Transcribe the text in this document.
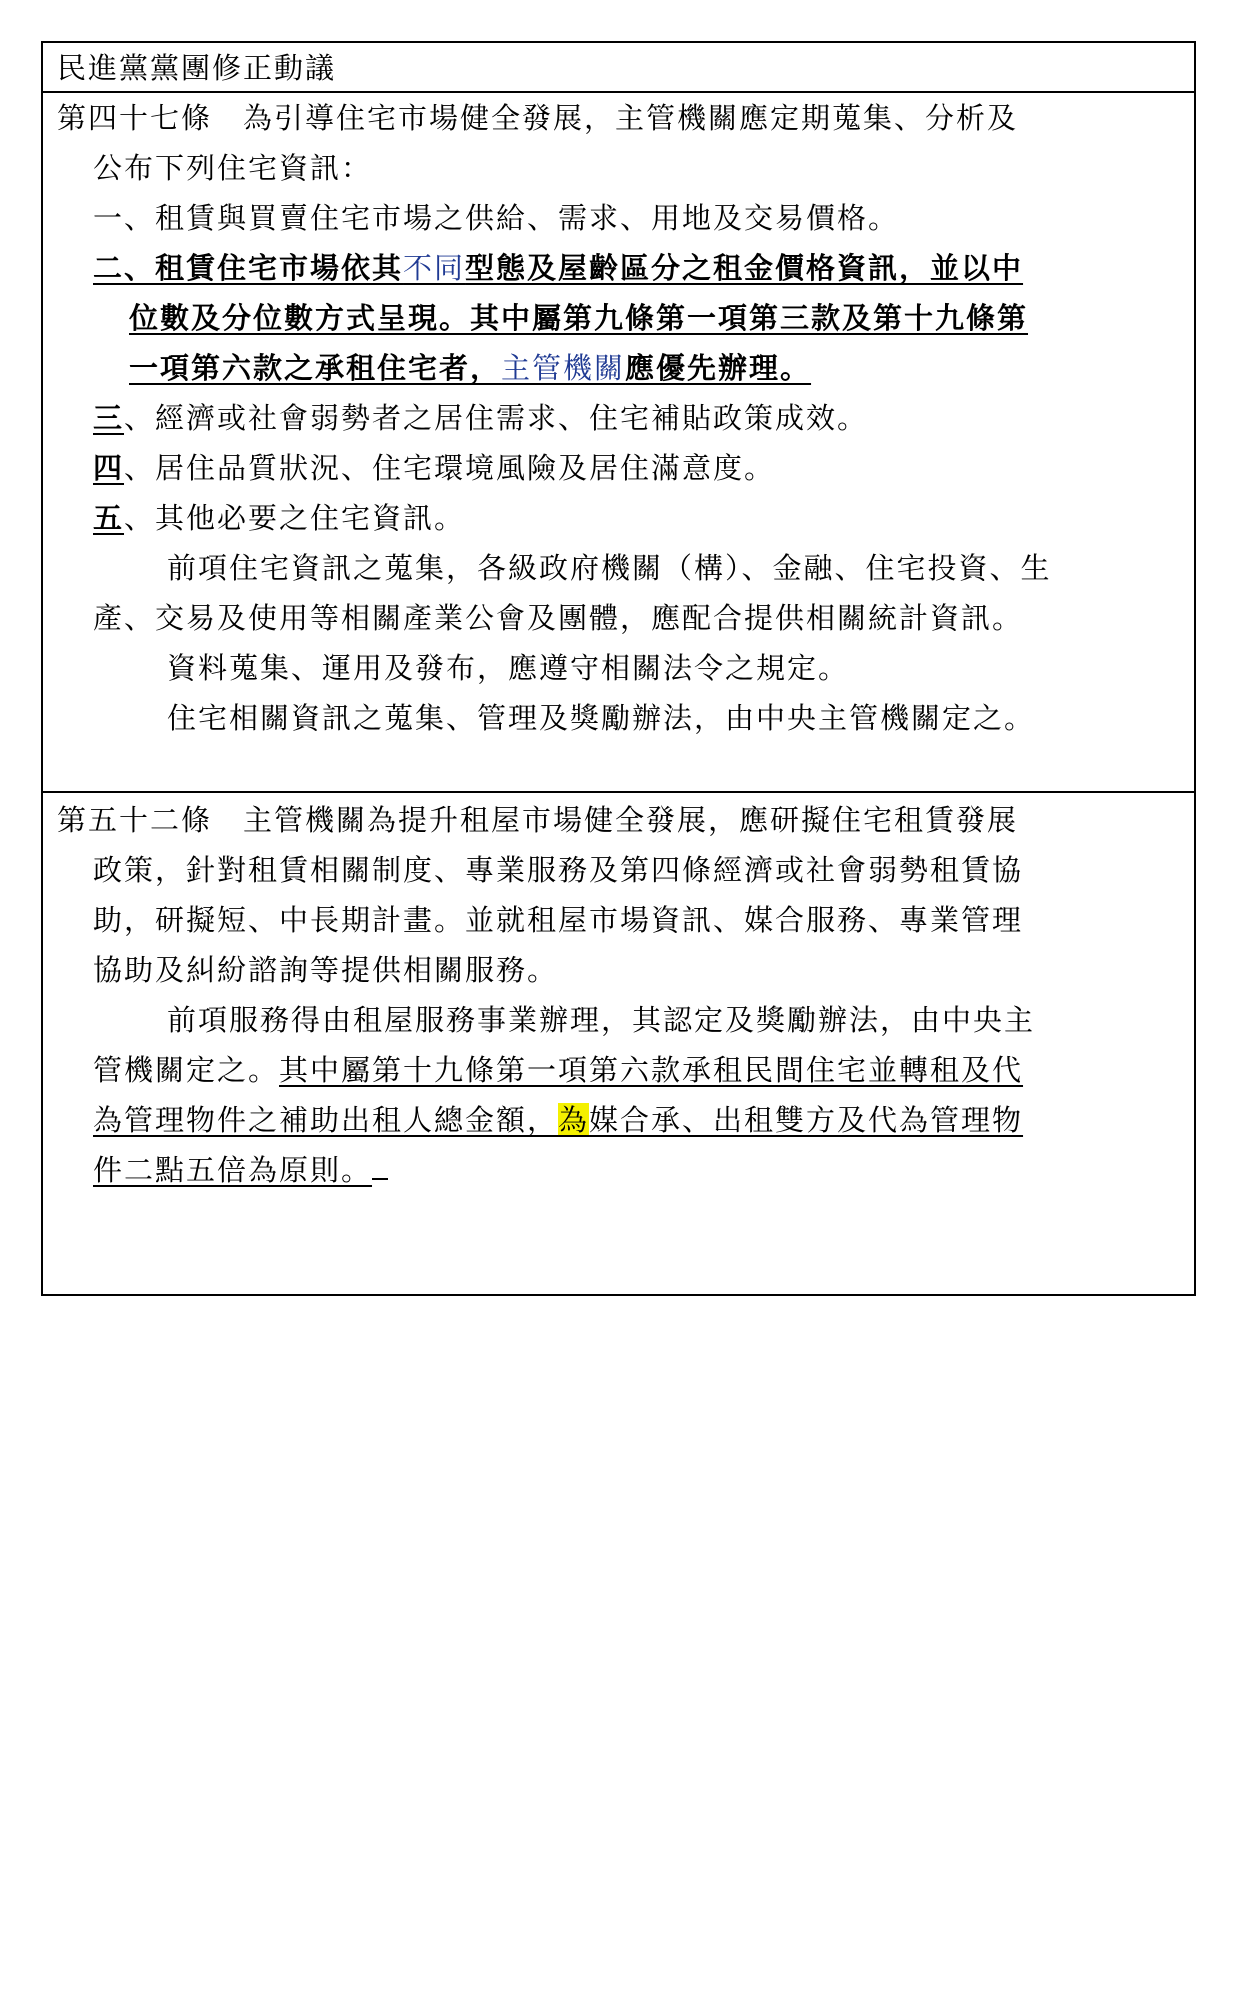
民進黨黨團修正動議
第四十七條　為引導住宅市場健全發展，主管機關應定期蒐集、分析及
公布下列住宅資訊：
一、租賃與買賣住宅市場之供給、需求、用地及交易價格。
二、租賃住宅市場依其不同型態及屋齡區分之租金價格資訊，並以中
位數及分位數方式呈現。其中屬第九條第一項第三款及第十九條第
一項第六款之承租住宅者，主管機關應優先辦理。
三、經濟或社會弱勢者之居住需求、住宅補貼政策成效。
四、居住品質狀況、住宅環境風險及居住滿意度。
五、其他必要之住宅資訊。
前項住宅資訊之蒐集，各級政府機關（構）、金融、住宅投資、生
產、交易及使用等相關產業公會及團體，應配合提供相關統計資訊。
資料蒐集、運用及發布，應遵守相關法令之規定。
住宅相關資訊之蒐集、管理及獎勵辦法，由中央主管機關定之。
第五十二條　主管機關為提升租屋市場健全發展，應研擬住宅租賃發展
政策，針對租賃相關制度、專業服務及第四條經濟或社會弱勢租賃協
助，研擬短、中長期計畫。並就租屋市場資訊、媒合服務、專業管理
協助及糾紛諮詢等提供相關服務。
前項服務得由租屋服務事業辦理，其認定及獎勵辦法，由中央主
管機關定之。其中屬第十九條第一項第六款承租民間住宅並轉租及代
為管理物件之補助出租人總金額，為媒合承、出租雙方及代為管理物
件二點五倍為原則。
